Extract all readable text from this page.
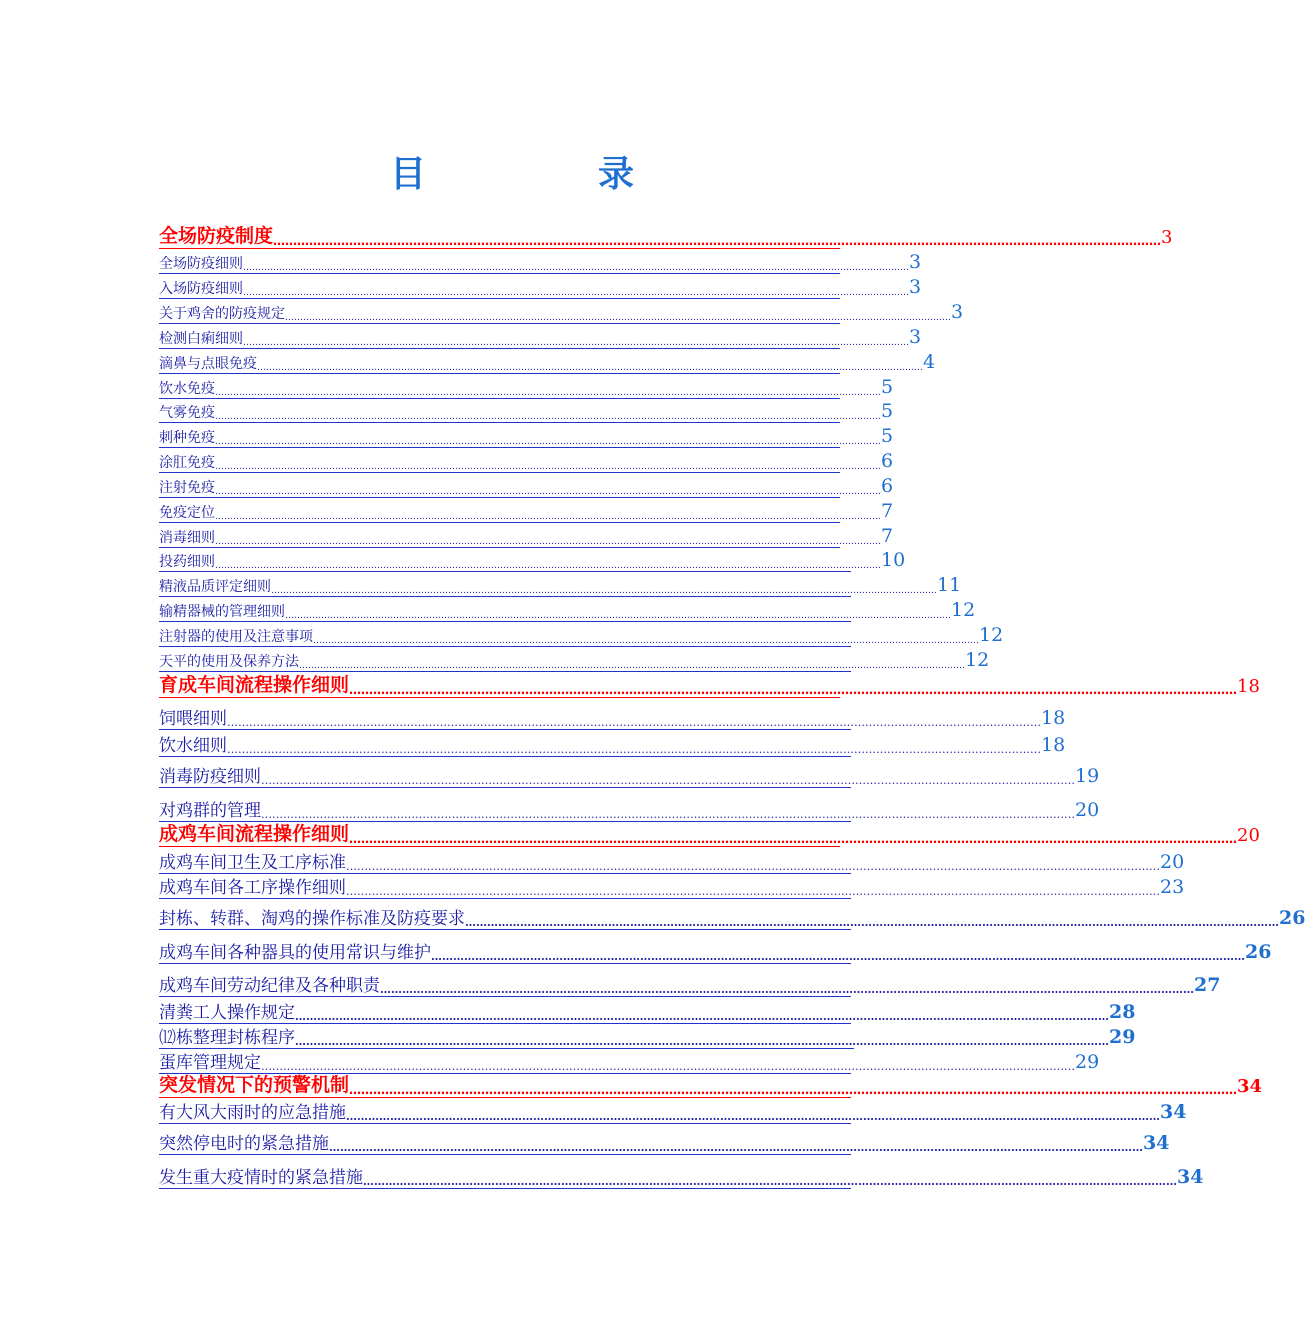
目	录
全场防疫制度 …………………………………………………………………………………………………………………………………………………………………………………………………… 3
全场防疫细则 …………………………………………………………………………………………………………………………………………………………………………………………………… 3
入场防疫细则 …………………………………………………………………………………………………………………………………………………………………………………………………… 3
关于鸡舍的防疫规定 …………………………………………………………………………………………………………………………………………………………………………………………………… 3
检测白痢细则 …………………………………………………………………………………………………………………………………………………………………………………………………… 3
滴鼻与点眼免疫 …………………………………………………………………………………………………………………………………………………………………………………………………… 4
饮水免疫 …………………………………………………………………………………………………………………………………………………………………………………………………… 5
气雾免疫 …………………………………………………………………………………………………………………………………………………………………………………………………… 5
刺种免疫 …………………………………………………………………………………………………………………………………………………………………………………………………… 5
涂肛免疫 …………………………………………………………………………………………………………………………………………………………………………………………………… 6
注射免疫 …………………………………………………………………………………………………………………………………………………………………………………………………… 6
免疫定位 …………………………………………………………………………………………………………………………………………………………………………………………………… 7
消毒细则 …………………………………………………………………………………………………………………………………………………………………………………………………… 7
投药细则 …………………………………………………………………………………………………………………………………………………………………………………………………… 10
精液品质评定细则 …………………………………………………………………………………………………………………………………………………………………………………………………… 11
输精器械的管理细则 …………………………………………………………………………………………………………………………………………………………………………………………………… 12
注射器的使用及注意事项 …………………………………………………………………………………………………………………………………………………………………………………………………… 12
天平的使用及保养方法 …………………………………………………………………………………………………………………………………………………………………………………………………… 12
育成车间流程操作细则 …………………………………………………………………………………………………………………………………………………………………………………………………… 18
饲喂细则 …………………………………………………………………………………………………………………………………………………………………………………………………… 18
饮水细则 …………………………………………………………………………………………………………………………………………………………………………………………………… 18
消毒防疫细则 …………………………………………………………………………………………………………………………………………………………………………………………………… 19
对鸡群的管理 …………………………………………………………………………………………………………………………………………………………………………………………………… 20
成鸡车间流程操作细则 …………………………………………………………………………………………………………………………………………………………………………………………………… 20
成鸡车间卫生及工序标准 …………………………………………………………………………………………………………………………………………………………………………………………………… 20
成鸡车间各工序操作细则 …………………………………………………………………………………………………………………………………………………………………………………………………… 23
封栋、转群、淘鸡的操作标准及防疫要求 …………………………………………………………………………………………………………………………………………………………………………………………………… 26
成鸡车间各种器具的使用常识与维护 …………………………………………………………………………………………………………………………………………………………………………………………………… 26
成鸡车间劳动纪律及各种职责 …………………………………………………………………………………………………………………………………………………………………………………………………… 27
清粪工人操作规定 …………………………………………………………………………………………………………………………………………………………………………………………………… 28
⑿栋整理封栋程序 …………………………………………………………………………………………………………………………………………………………………………………………………… 29
蛋库管理规定 …………………………………………………………………………………………………………………………………………………………………………………………………… 29
突发情况下的预警机制 …………………………………………………………………………………………………………………………………………………………………………………………………… 34
有大风大雨时的应急措施 …………………………………………………………………………………………………………………………………………………………………………………………………… 34
突然停电时的紧急措施 …………………………………………………………………………………………………………………………………………………………………………………………………… 34
发生重大疫情时的紧急措施 …………………………………………………………………………………………………………………………………………………………………………………………………… 34
